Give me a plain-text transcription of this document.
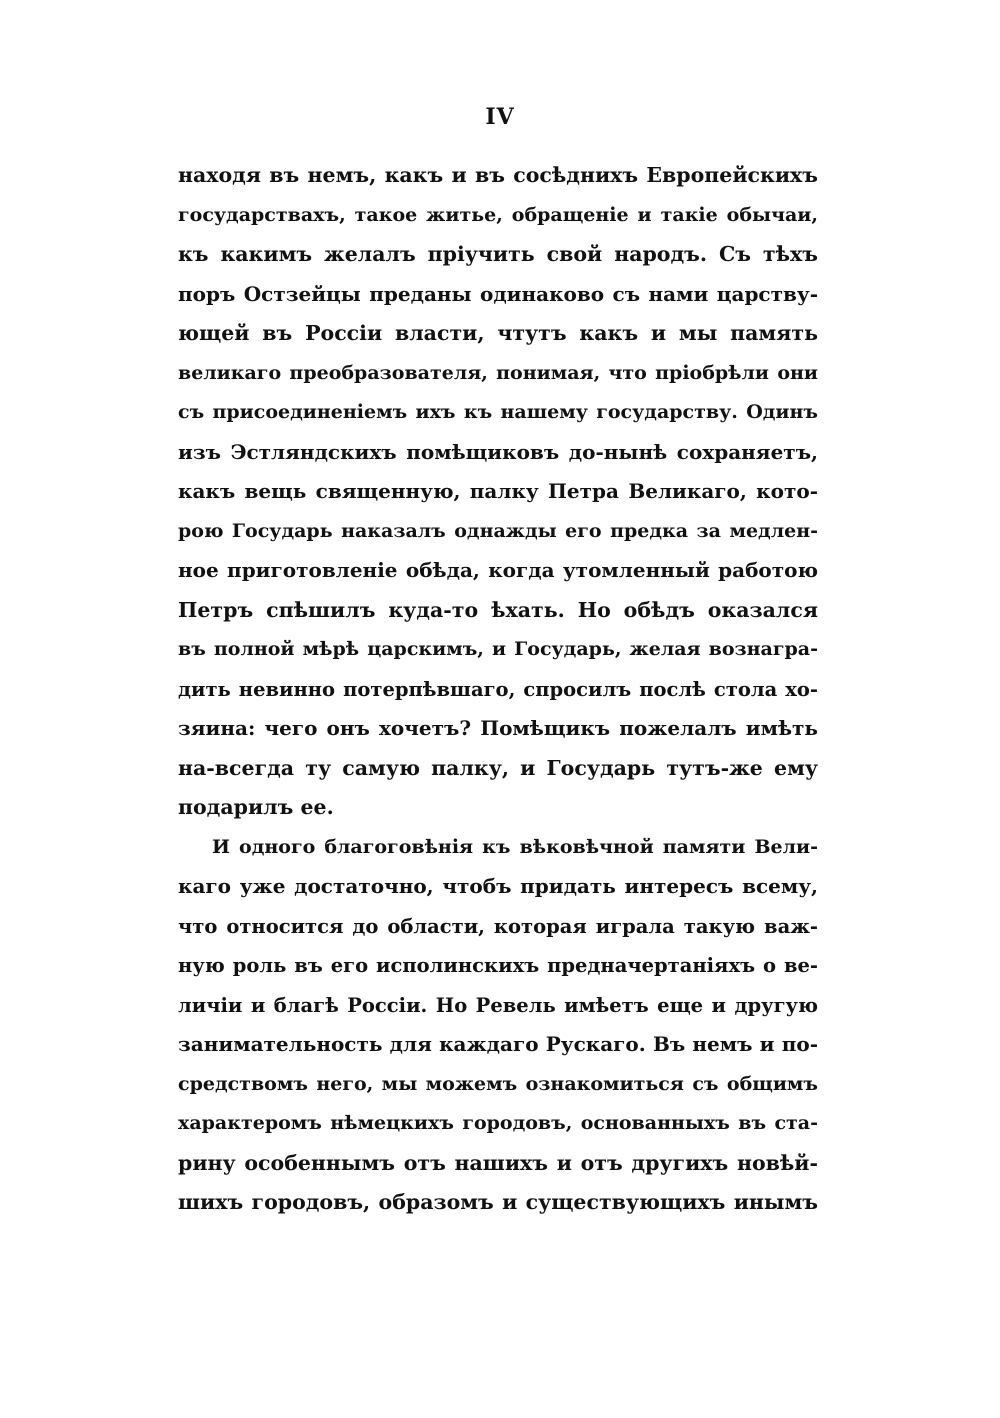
IV
находя въ немъ, какъ и въ сосѣднихъ Европейскихъ
государствахъ, такое житье, обращенiе и такiе обычаи,
къ какимъ желалъ прiучить свой народъ. Съ тѣхъ
поръ Остзейцы преданы одинаково съ нами царству-
ющей въ Россiи власти, чтутъ какъ и мы память
великаго преобразователя, понимая, что прiобрѣли они
съ присоединенiемъ ихъ къ нашему государству. Одинъ
изъ Эстляндскихъ помѣщиковъ до-нынѣ сохраняетъ,
какъ вещь священную, палку Петра Великаго, кото-
рою Государь наказалъ однажды его предка за медлен-
ное приготовленiе обѣда, когда утомленный работою
Петръ спѣшилъ куда-то ѣхать. Но обѣдъ оказался
въ полной мѣрѣ царскимъ, и Государь, желая вознагра-
дить невинно потерпѣвшаго, спросилъ послѣ стола хо-
зяина: чего онъ хочетъ? Помѣщикъ пожелалъ имѣть
на-всегда ту самую палку, и Государь тутъ-же ему
подарилъ ее.
И одного благоговѣнiя къ вѣковѣчной памяти Вели-
каго уже достаточно, чтобъ придать интересъ всему,
что относится до области, которая играла такую важ-
ную роль въ его исполинскихъ предначертанiяхъ о ве-
личiи и благѣ Россiи. Но Ревель имѣетъ еще и другую
занимательность для каждаго Рускаго. Въ немъ и по-
средствомъ него, мы можемъ ознакомиться съ общимъ
характеромъ нѣмецкихъ городовъ, основанныхъ въ ста-
рину особеннымъ отъ нашихъ и отъ другихъ новѣй-
шихъ городовъ, образомъ и существующихъ инымъ
